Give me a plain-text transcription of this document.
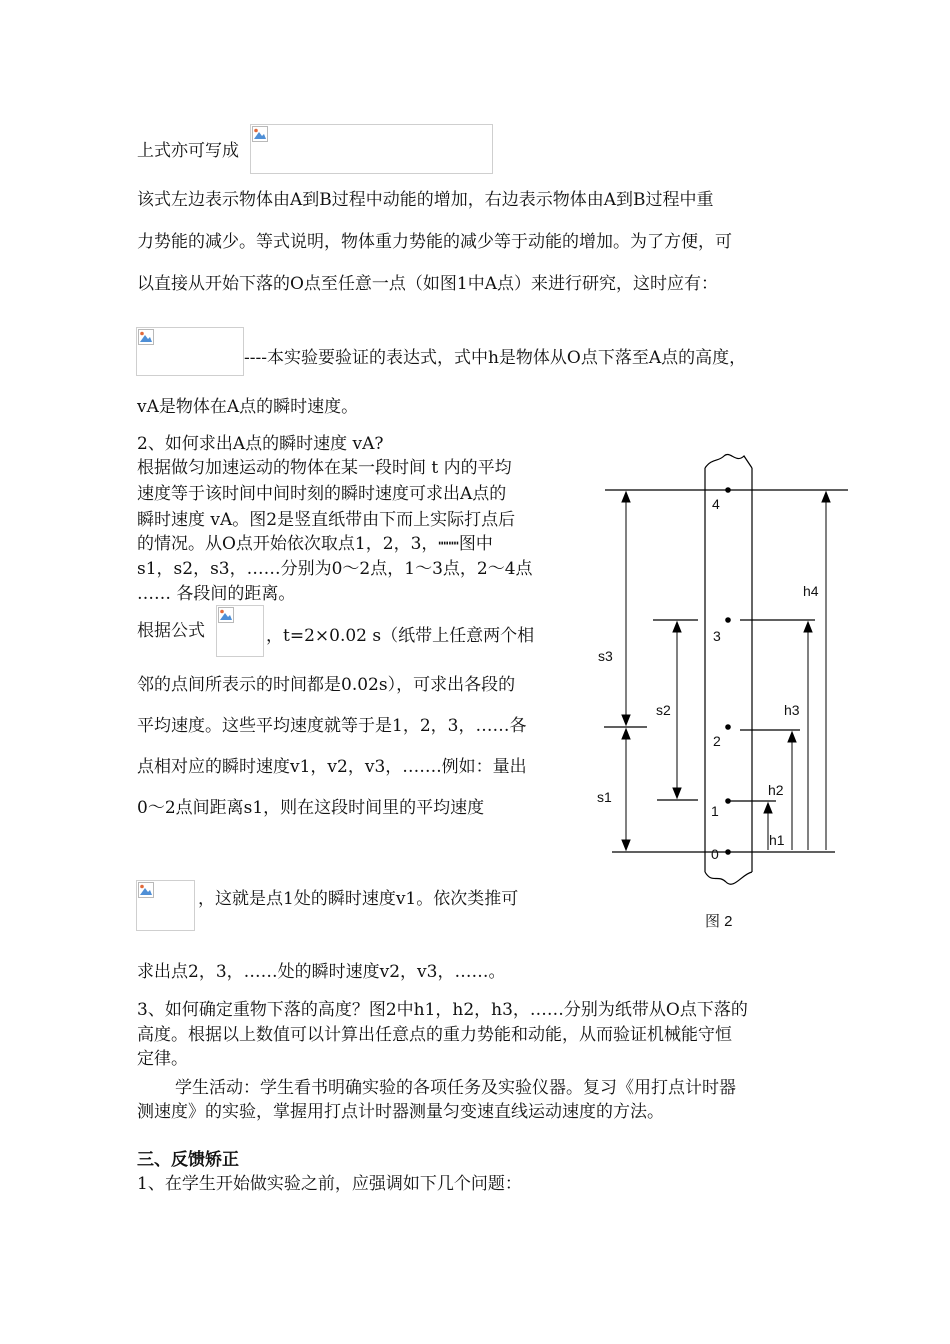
上式亦可写成
该式左边表示物体由A到B过程中动能的增加，右边表示物体由A到B过程中重
力势能的减少。等式说明，物体重力势能的减少等于动能的增加。为了方便，可
以直接从开始下落的O点至任意一点（如图1中A点）来进行研究，这时应有：
----本实验要验证的表达式，式中h是物体从O点下落至A点的高度，
vA是物体在A点的瞬时速度。
2、如何求出A点的瞬时速度 vA?
根据做匀加速运动的物体在某一段时间 t 内的平均
速度等于该时间中间时刻的瞬时速度可求出A点的
瞬时速度 vA。图2是竖直纸带由下而上实际打点后
的情况。从O点开始依次取点1，2，3，┉┉图中
s1，s2，s3，……分别为0～2点，1～3点，2～4点
…… 各段间的距离。
根据公式	，t=2×0.02 s（纸带上任意两个相
邻的点间所表示的时间都是0.02s），可求出各段的
平均速度。这些平均速度就等于是1，2，3，……各
点相对应的瞬时速度v1，v2，v3，…….例如：量出
0～2点间距离s1，则在这段时间里的平均速度
，这就是点1处的瞬时速度v1。依次类推可
求出点2，3，……处的瞬时速度v2，v3，……。
4
3
2
1
0
s3
s2
s1
h4
h3
h2
h1
图 2
3、如何确定重物下落的高度？图2中h1，h2，h3，……分别为纸带从O点下落的
高度。根据以上数值可以计算出任意点的重力势能和动能，从而验证机械能守恒
定律。
学生活动：学生看书明确实验的各项任务及实验仪器。复习《用打点计时器
测速度》的实验，掌握用打点计时器测量匀变速直线运动速度的方法。
三、反馈矫正
1、在学生开始做实验之前，应强调如下几个问题：
